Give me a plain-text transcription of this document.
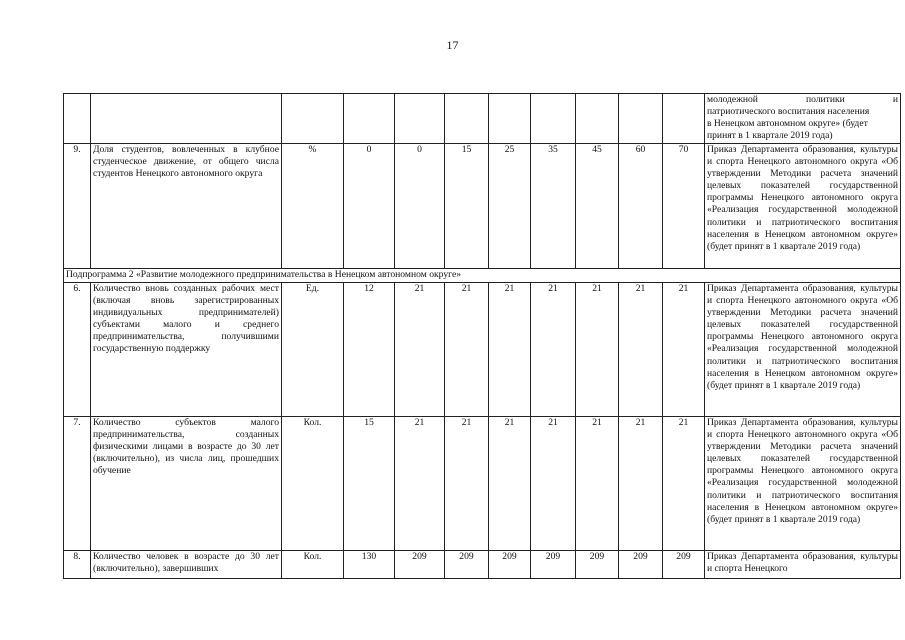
17

											молодежной политики и
патриотического воспитания населения
в Ненецком автономном округе» (будет
принят в 1 квартале 2019 года)

9.	Доля студентов, вовлеченных в клубное студенческое движение, от общего числа студентов Ненецкого автономного округа	%	0	0	15	25	35	45	60	70	Приказ Департамента образования, культуры и спорта Ненецкого автономного округа «Об утверждении Методики расчета значений целевых показателей государственной программы Ненецкого автономного округа «Реализация государственной молодежной политики и патриотического воспитания населения в Ненецком автономном округе» (будет принят в 1 квартале 2019 года)
Подпрограмма 2 «Развитие молодежного предпринимательства в Ненецком автономном округе»											
6.	Количество вновь созданных рабочих мест (включая вновь зарегистрированных индивидуальных предпринимателей) субъектами малого и среднего предпринимательства, получившими государственную поддержку	Ед.	12	21	21	21	21	21	21	21	Приказ Департамента образования, культуры и спорта Ненецкого автономного округа «Об утверждении Методики расчета значений целевых показателей государственной программы Ненецкого автономного округа «Реализация государственной молодежной политики и патриотического воспитания населения в Ненецком автономном округе» (будет принят в 1 квартале 2019 года)
7.	Количество субъектов малого предпринимательства, созданных физическими лицами в возрасте до 30 лет (включительно), из числа лиц, прошедших обучение	Кол.	15	21	21	21	21	21	21	21	Приказ Департамента образования, культуры и спорта Ненецкого автономного округа «Об утверждении Методики расчета значений целевых показателей государственной программы Ненецкого автономного округа «Реализация государственной молодежной политики и патриотического воспитания населения в Ненецком автономном округе» (будет принят в 1 квартале 2019 года)
8.	Количество человек в возрасте до 30 лет (включительно), завершивших	Кол.	130	209	209	209	209	209	209	209	Приказ Департамента образования, культуры и спорта Ненецкого
